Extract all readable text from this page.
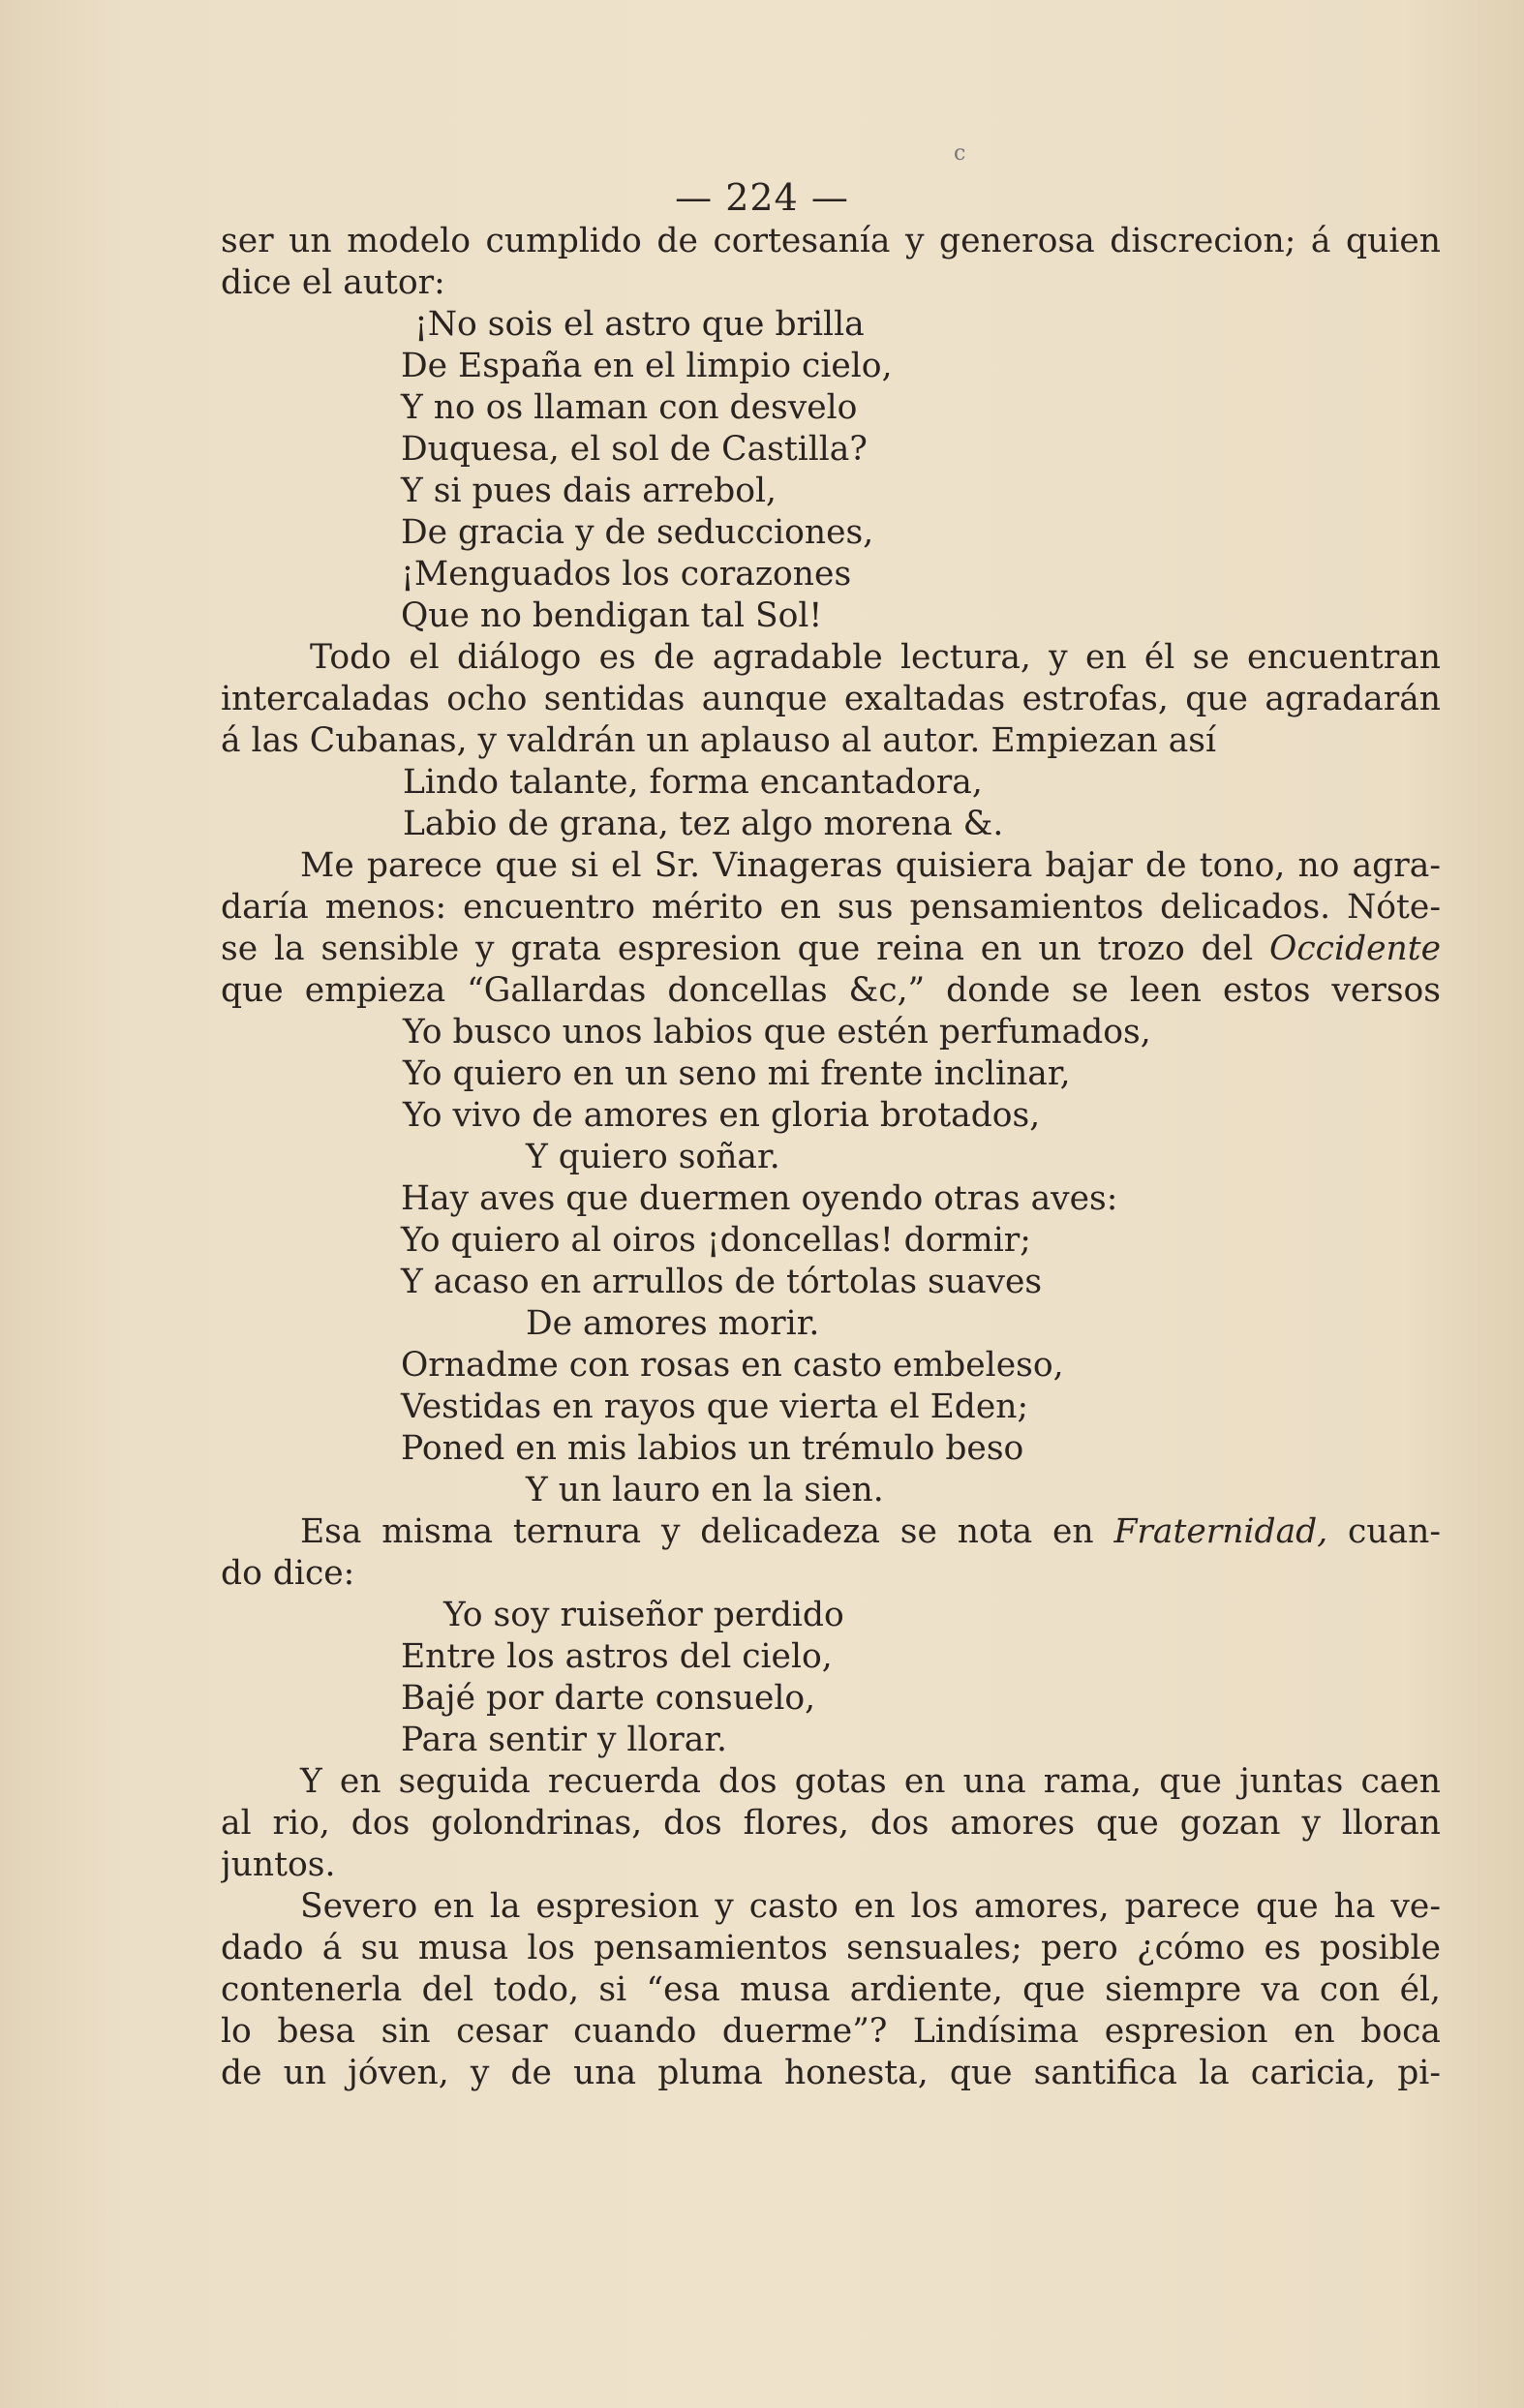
c
— 224 —
ser un modelo cumplido de cortesanía y generosa discrecion; á quien
dice el autor:
¡No sois el astro que brilla
De España en el limpio cielo,
Y no os llaman con desvelo
Duquesa, el sol de Castilla?
Y si pues dais arrebol,
De gracia y de seducciones,
¡Menguados los corazones
Que no bendigan tal Sol!
Todo el diálogo es de agradable lectura, y en él se encuentran
intercaladas ocho sentidas aunque exaltadas estrofas, que agradarán
á las Cubanas, y valdrán un aplauso al autor. Empiezan así
Lindo talante, forma encantadora,
Labio de grana, tez algo morena &.
Me parece que si el Sr. Vinageras quisiera bajar de tono, no agra-
daría menos: encuentro mérito en sus pensamientos delicados. Nóte-
se la sensible y grata espresion que reina en un trozo del Occidente
que empieza “Gallardas doncellas &c,” donde se leen estos versos
Yo busco unos labios que estén perfumados,
Yo quiero en un seno mi frente inclinar,
Yo vivo de amores en gloria brotados,
Y quiero soñar.
Hay aves que duermen oyendo otras aves:
Yo quiero al oiros ¡doncellas! dormir;
Y acaso en arrullos de tórtolas suaves
De amores morir.
Ornadme con rosas en casto embeleso,
Vestidas en rayos que vierta el Eden;
Poned en mis labios un trémulo beso
Y un lauro en la sien.
Esa misma ternura y delicadeza se nota en Fraternidad, cuan-
do dice:
Yo soy ruiseñor perdido
Entre los astros del cielo,
Bajé por darte consuelo,
Para sentir y llorar.
Y en seguida recuerda dos gotas en una rama, que juntas caen
al rio, dos golondrinas, dos flores, dos amores que gozan y lloran
juntos.
Severo en la espresion y casto en los amores, parece que ha ve-
dado á su musa los pensamientos sensuales; pero ¿cómo es posible
contenerla del todo, si “esa musa ardiente, que siempre va con él,
lo besa sin cesar cuando duerme”? Lindísima espresion en boca
de un jóven, y de una pluma honesta, que santifica la caricia, pi-
